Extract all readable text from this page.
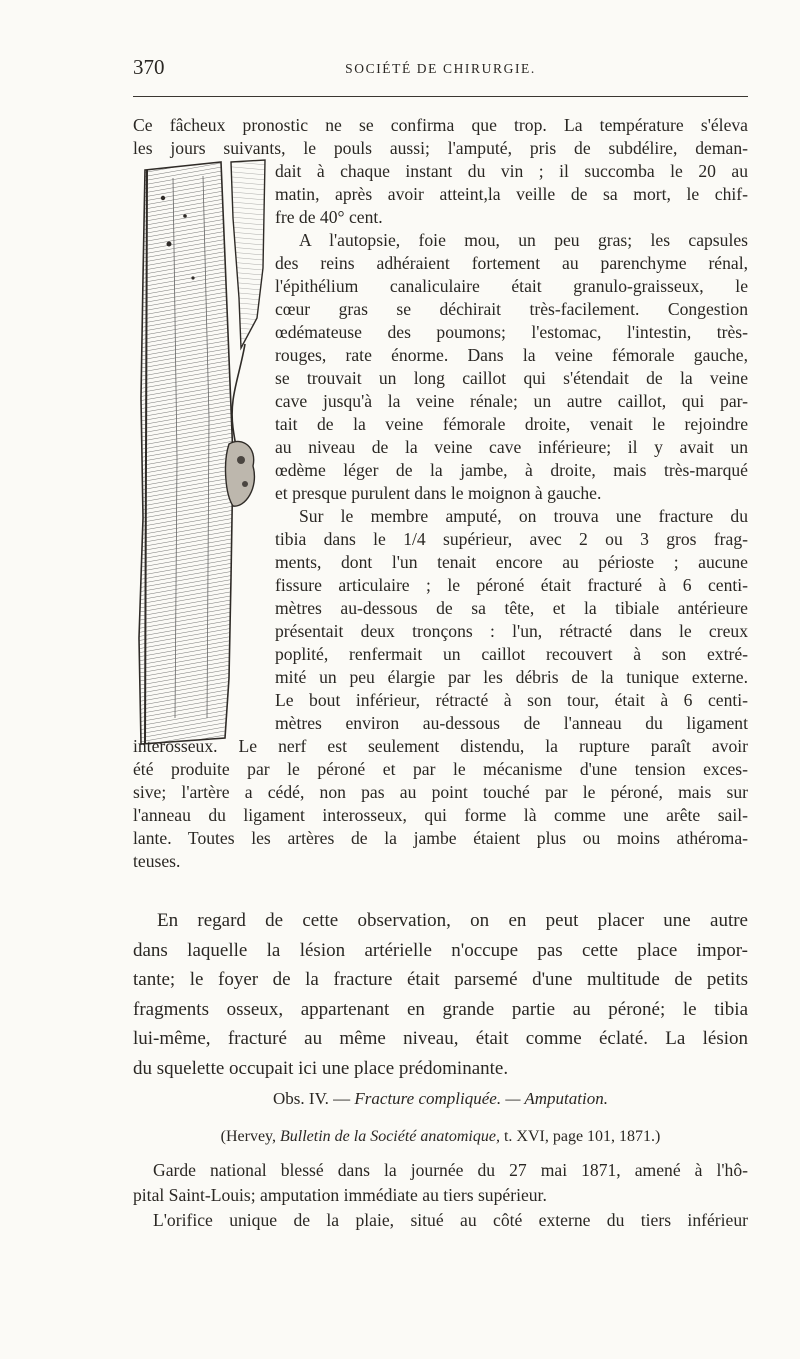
370	SOCIÉTÉ DE CHIRURGIE.
Ce fâcheux pronostic ne se confirma que trop. La température s'éleva
les jours suivants, le pouls aussi; l'amputé, pris de subdélire, deman-
dait à chaque instant du vin ; il succomba le 20 au
matin, après avoir atteint,la veille de sa mort, le chif-
fre de 40° cent.
A l'autopsie, foie mou, un peu gras; les capsules
des reins adhéraient fortement au parenchyme rénal,
l'épithélium canaliculaire était granulo-graisseux, le
cœur gras se déchirait très-facilement. Congestion
œdémateuse des poumons; l'estomac, l'intestin, très-
rouges, rate énorme. Dans la veine fémorale gauche,
se trouvait un long caillot qui s'étendait de la veine
cave jusqu'à la veine rénale; un autre caillot, qui par-
tait de la veine fémorale droite, venait le rejoindre
au niveau de la veine cave inférieure; il y avait un
œdème léger de la jambe, à droite, mais très-marqué
et presque purulent dans le moignon à gauche.
Sur le membre amputé, on trouva une fracture du
tibia dans le 1/4 supérieur, avec 2 ou 3 gros frag-
ments, dont l'un tenait encore au périoste ; aucune
fissure articulaire ; le péroné était fracturé à 6 centi-
mètres au-dessous de sa tête, et la tibiale antérieure
présentait deux tronçons : l'un, rétracté dans le creux
poplité, renfermait un caillot recouvert à son extré-
mité un peu élargie par les débris de la tunique externe.
Le bout inférieur, rétracté à son tour, était à 6 centi-
mètres environ au-dessous de l'anneau du ligament
interosseux. Le nerf est seulement distendu, la rupture paraît avoir
été produite par le péroné et par le mécanisme d'une tension exces-
sive; l'artère a cédé, non pas au point touché par le péroné, mais sur
l'anneau du ligament interosseux, qui forme là comme une arête sail-
lante. Toutes les artères de la jambe étaient plus ou moins athéroma-
teuses.
En regard de cette observation, on en peut placer une autre
dans laquelle la lésion artérielle n'occupe pas cette place impor-
tante; le foyer de la fracture était parsemé d'une multitude de petits
fragments osseux, appartenant en grande partie au péroné; le tibia
lui-même, fracturé au même niveau, était comme éclaté. La lésion
du squelette occupait ici une place prédominante.
Obs. IV. — Fracture compliquée. — Amputation.
(Hervey, Bulletin de la Société anatomique, t. XVI, page 101, 1871.)
Garde national blessé dans la journée du 27 mai 1871, amené à l'hô-
pital Saint-Louis; amputation immédiate au tiers supérieur.
L'orifice unique de la plaie, situé au côté externe du tiers inférieur
